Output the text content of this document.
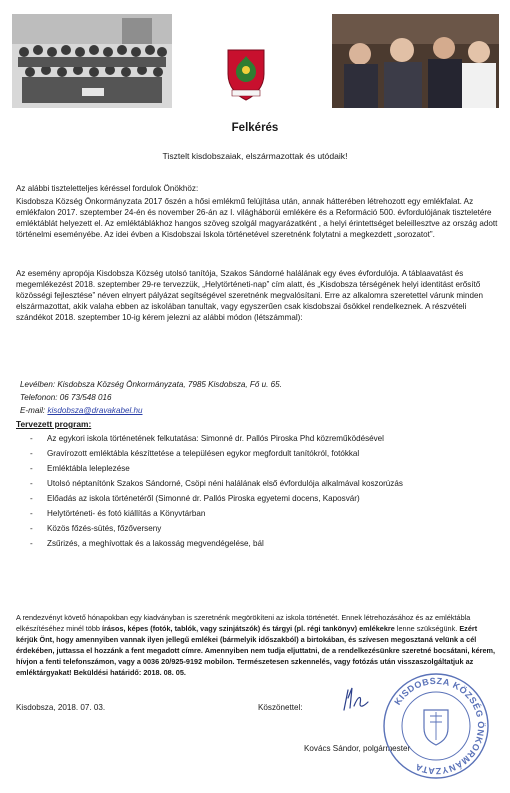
Felkérés
Tisztelt kisdobszaiak, elszármazottak és utódaik!
Az alábbi tiszteletteljes kéréssel fordulok Önökhöz:
Kisdobsza Község Önkormányzata 2017 őszén a hősi emlékmű felújítása után, annak hátterében létrehozott egy emlékfalat. Az emlékfalon 2017. szeptember 24-én és november 26-án az I. világháborúi emlékére és a Reformáció 500. évfordulójának tiszteletére emléktáblát helyezett el. Az emléktáblákhoz hangos szöveg szolgál magyarázatként , a helyi érintettséget beleillesztve az ország adott történelmi eseményébe. Az idei évben a Kisdobszai Iskola történetével szeretnénk folytatni a megkezdett „sorozatot”.
Az esemény apropója Kisdobsza Község utolsó tanítója, Szakos Sándorné halálának egy éves évfordulója. A táblaavatást és megemlékezést 2018. szeptember 29-re tervezzük, „Helytörténeti-nap” cím alatt, és „Kisdobsza térségének helyi identitást erősítő közösségi fejlesztése” néven elnyert pályázat segítségével szeretnénk megvalósítani. Erre az alkalomra szeretettel várunk minden elszármazottat, akik valaha ebben az iskolában tanultak, vagy egyszerűen csak kisdobszai ősökkel rendelkeznek. A részvételi szándékot 2018. szeptember 10-ig kérem jelezni az alábbi módon (létszámmal):
Levélben: Kisdobsza Község Önkormányzata, 7985 Kisdobsza, Fő u. 65.
Telefonon: 06 73/548 016
E-mail: kisdobsza@dravakabel.hu
Tervezett program:
- Az egykori iskola történetének felkutatása: Simonné dr. Pallós Piroska Phd közreműködésével
- Gravírozott emléktábla készíttetése a településen egykor megfordult tanítókról, fotókkal
- Emléktábla leleplezése
- Utolsó néptanítónk Szakos Sándorné, Csöpi néni halálának első évfordulója alkalmával koszorúzás
- Előadás az iskola történetéről (Simonné dr. Pallós Piroska egyetemi docens, Kaposvár)
- Helytörténeti- és fotó kiállítás a Könyvtárban
- Közös főzés-sütés, főzőverseny
- Zsűrizés, a meghívottak és a lakosság megvendégelése, bál

A rendezvényt követő hónapokban egy kiadványban is szeretnénk megörökíteni az iskola történetét. Ennek létrehozásához és az emléktábla elkészítéséhez minél több írásos, képes (fotók, tablók, vagy szinjátszók) és tárgyi (pl. régi tankönyv) emlékekre lenne szükségünk. Ezért kérjük Önt, hogy amennyiben vannak ilyen jellegű emlékei (bármelyik időszakból) a birtokában, és szívesen megosztaná velünk a cél érdekében, juttassa el hozzánk a fent megadott címre. Amennyiben nem tudja eljuttatni, de a rendelkezésünkre szeretné bocsátani, kérem, hívjon a fenti telefonszámon, vagy a 0036 20/925-9192 mobilon. Természetesen szkennelés, vagy fotózás után visszaszolgáltatjuk az emléktárgyakat! Beküldési határidő: 2018. 08. 05.

Kisdobsza, 2018. 07. 03.	Köszönettel:
Kovács Sándor, polgármester
KISDOBSZA KÖZSÉG ÖNKORMÁNYZATA
